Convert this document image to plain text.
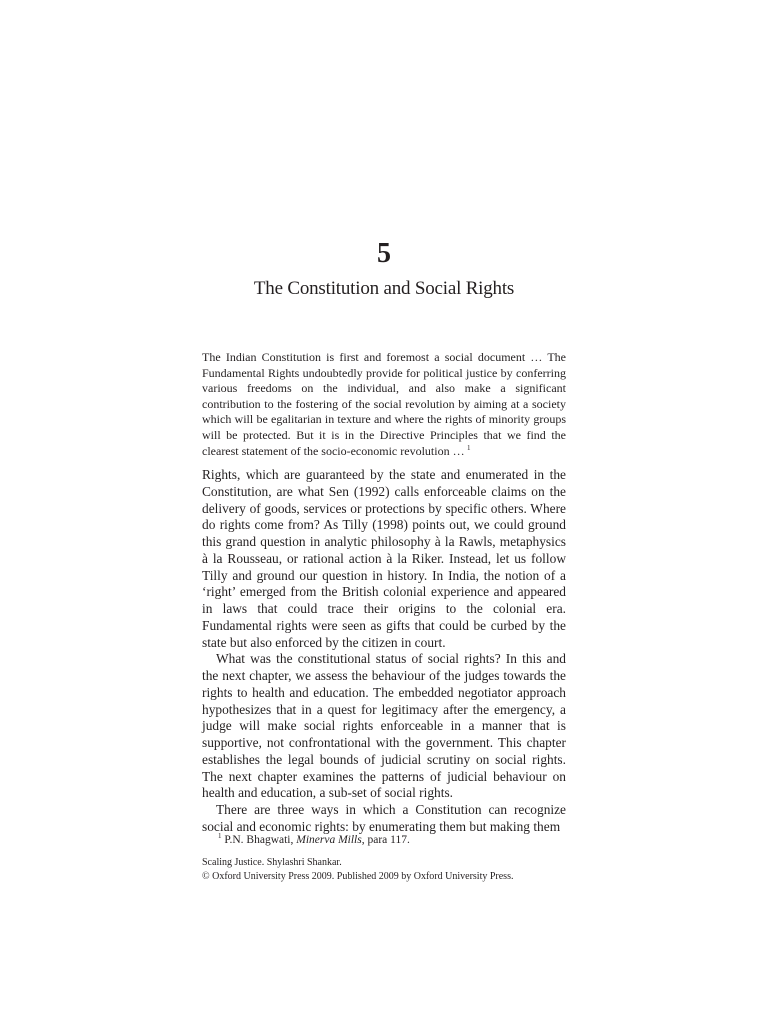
5
The Constitution and Social Rights
The Indian Constitution is first and foremost a social document … The Fundamental Rights undoubtedly provide for political justice by conferring various freedoms on the individual, and also make a significant contribution to the fostering of the social revolution by aiming at a society which will be egalitarian in texture and where the rights of minority groups will be protected. But it is in the Directive Principles that we find the clearest statement of the socio-economic revolution …  $^1$

Rights, which are guaranteed by the state and enumerated in the Constitution, are what Sen (1992) calls enforceable claims on the delivery of goods, services or protections by specific others. Where do rights come from? As Tilly (1998) points out, we could ground this grand question in analytic philosophy à la Rawls, metaphysics à la Rousseau, or rational action à la Riker. Instead, let us follow Tilly and ground our question in history. In India, the notion of a ‘right’ emerged from the British colonial experience and appeared in laws that could trace their origins to the colonial era. Fundamental rights were seen as gifts that could be curbed by the state but also enforced by the citizen in court.

What was the constitutional status of social rights? In this and the next chapter, we assess the behaviour of the judges towards the rights to health and education. The embedded negotiator approach hypothesizes that in a quest for legitimacy after the emergency, a judge will make social rights enforceable in a manner that is supportive, not confrontational with the government. This chapter establishes the legal bounds of judicial scrutiny on social rights. The next chapter examines the patterns of judicial behaviour on health and education, a sub-set of social rights.

There are three ways in which a Constitution can recognize social and economic rights: by enumerating them but making them

$^1$ P.N. Bhagwati, Minerva Mills, para 117.
Scaling Justice. Shylashri Shankar.
© Oxford University Press 2009. Published 2009 by Oxford University Press.
